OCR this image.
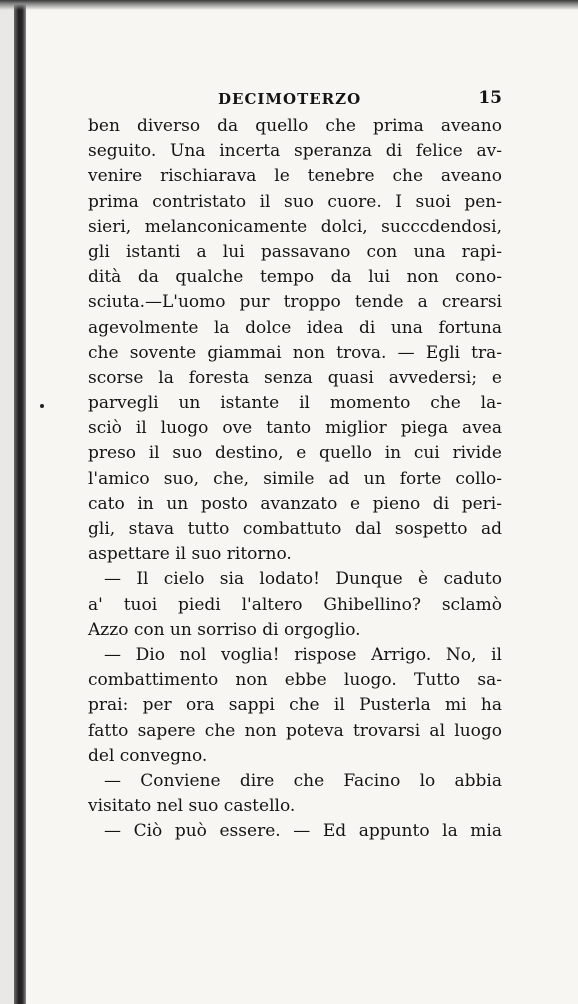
DECIMOTERZO	15
ben diverso da quello che prima aveano
seguito. Una incerta speranza di felice av-
venire rischiarava le tenebre che aveano
prima contristato il suo cuore. I suoi pen-
sieri, melanconicamente dolci, succcdendosi,
gli istanti a lui passavano con una rapi-
dità da qualche tempo da lui non cono-
sciuta.—L'uomo pur troppo tende a crearsi
agevolmente la dolce idea di una fortuna
che sovente giammai non trova. — Egli tra-
scorse la foresta senza quasi avvedersi; e
parvegli un istante il momento che la-
sciò il luogo ove tanto miglior piega avea
preso il suo destino, e quello in cui rivide
l'amico suo, che, simile ad un forte collo-
cato in un posto avanzato e pieno di peri-
gli, stava tutto combattuto dal sospetto ad
aspettare il suo ritorno.
— Il cielo sia lodato! Dunque è caduto
a' tuoi piedi l'altero Ghibellino? sclamò
Azzo con un sorriso di orgoglio.
— Dio nol voglia! rispose Arrigo. No, il
combattimento non ebbe luogo. Tutto sa-
prai: per ora sappi che il Pusterla mi ha
fatto sapere che non poteva trovarsi al luogo
del convegno.
— Conviene dire che Facino lo abbia
visitato nel suo castello.
— Ciò può essere. — Ed appunto la mia
